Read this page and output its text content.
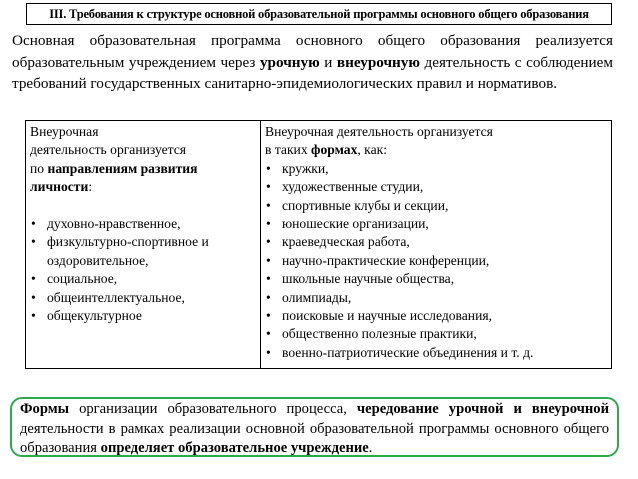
III. Требования к структуре основной образовательной программы основного общего образования
Основная образовательная программа основного общего образования реализуется образовательным учреждением через урочную и внеурочную деятельность с соблюдением требований государственных санитарно-эпидемиологических правил и нормативов.
Внеурочная
деятельность организуется
по направлениям развития
личности:
• духовно-нравственное,
• физкультурно-спортивное и оздоровительное,
• социальное,
• общеинтеллектуальное,
• общекультурное

Внеурочная деятельность организуется
в таких формах, как:
• кружки,
• художественные студии,
• спортивные клубы и секции,
• юношеские организации,
• краеведческая работа,
• научно-практические конференции,
• школьные научные общества,
• олимпиады,
• поисковые и научные исследования,
• общественно полезные практики,
• военно-патриотические объединения и т. д.
Формы организации образовательного процесса, чередование урочной и внеурочной деятельности в рамках реализации основной образовательной программы основного общего образования определяет образовательное учреждение.
